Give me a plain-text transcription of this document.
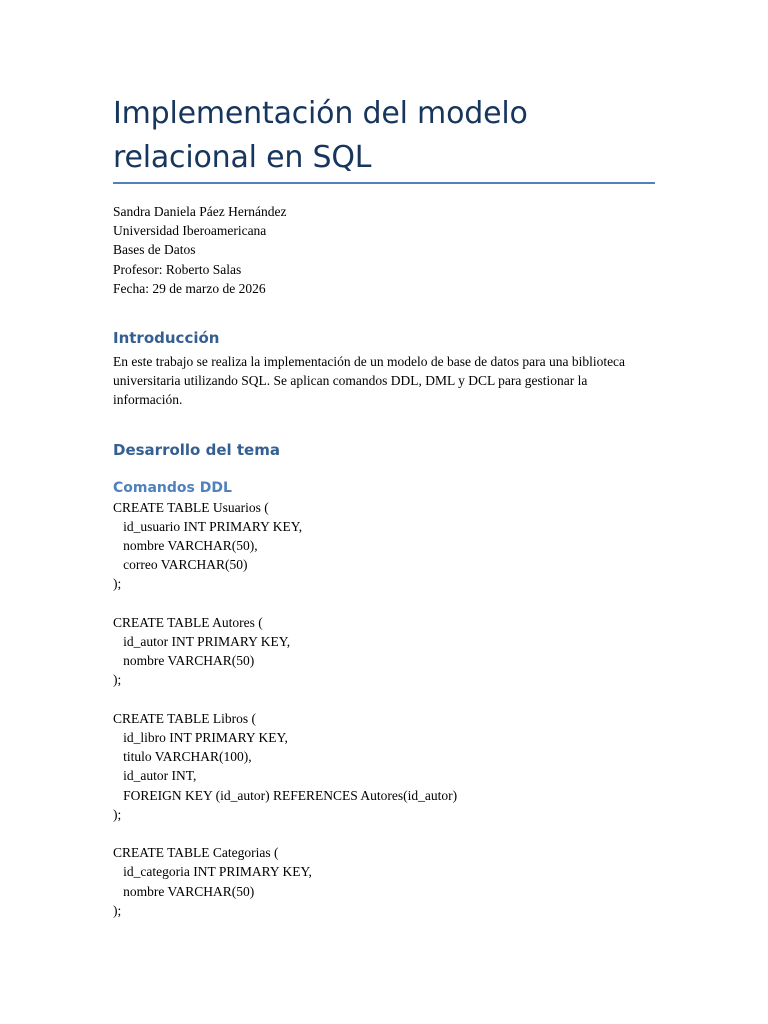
Implementación del modelo relacional en SQL
Sandra Daniela Páez Hernández
Universidad Iberoamericana
Bases de Datos
Profesor: Roberto Salas
Fecha: 29 de marzo de 2026
Introducción

En este trabajo se realiza la implementación de un modelo de base de datos para una biblioteca universitaria utilizando SQL. Se aplican comandos DDL, DML y DCL para gestionar la información.

Desarrollo del tema
Comandos DDL
CREATE TABLE Usuarios (
id_usuario INT PRIMARY KEY,
nombre VARCHAR(50),
correo VARCHAR(50)
);
CREATE TABLE Autores (
id_autor INT PRIMARY KEY,
nombre VARCHAR(50)
);
CREATE TABLE Libros (
id_libro INT PRIMARY KEY,
titulo VARCHAR(100),
id_autor INT,
FOREIGN KEY (id_autor) REFERENCES Autores(id_autor)
);
CREATE TABLE Categorias (
id_categoria INT PRIMARY KEY,
nombre VARCHAR(50)
);
